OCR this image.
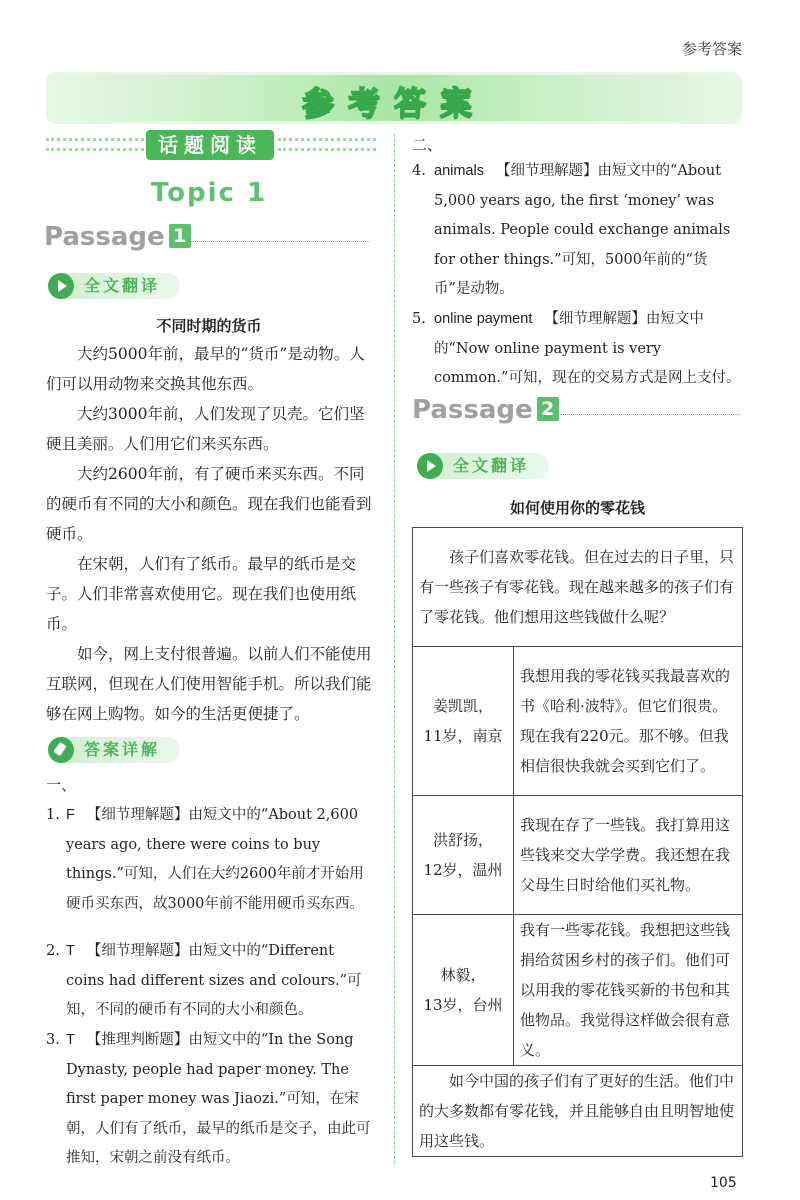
参考答案
参考答案
话题阅读
Topic 1
Passage 1
全文翻译
不同时期的货币

大约5000年前，最早的“货币”是动物。人们可以用动物来交换其他东西。

大约3000年前，人们发现了贝壳。它们坚硬且美丽。人们用它们来买东西。

大约2600年前，有了硬币来买东西。不同的硬币有不同的大小和颜色。现在我们也能看到硬币。

在宋朝，人们有了纸币。最早的纸币是交子。人们非常喜欢使用它。现在我们也使用纸币。

如今，网上支付很普遍。以前人们不能使用互联网，但现在人们使用智能手机。所以我们能够在网上购物。如今的生活更便捷了。

答案详解
一、
1. F 【细节理解题】由短文中的“About 2,600 years ago, there were coins to buy things.”可知，人们在大约2600年前才开始用硬币买东西，故3000年前不能用硬币买东西。
2. T 【细节理解题】由短文中的“Different coins had different sizes and colours.”可知，不同的硬币有不同的大小和颜色。
3. T 【推理判断题】由短文中的“In the Song Dynasty, people had paper money. The first paper money was Jiaozi.”可知，在宋朝，人们有了纸币，最早的纸币是交子，由此可推知，宋朝之前没有纸币。
二、
4. animals 【细节理解题】由短文中的“About 5,000 years ago, the first ‘money’ was animals. People could exchange animals for other things.”可知，5000年前的“货币”是动物。
5. online payment 【细节理解题】由短文中的“Now online payment is very common.”可知，现在的交易方式是网上支付。
Passage 2
全文翻译
如何使用你的零花钱
孩子们喜欢零花钱。但在过去的日子里，只有一些孩子有零花钱。现在越来越多的孩子们有了零花钱。他们想用这些钱做什么呢？	

姜凯凯，
11岁，南京	我想用我的零花钱买我最喜欢的书《哈利·波特》。但它们很贵。现在我有220元。那不够。但我相信很快我就会买到它们了。

洪舒扬，
12岁，温州	我现在存了一些钱。我打算用这些钱来交大学学费。我还想在我父母生日时给他们买礼物。

林毅，
13岁，台州	我有一些零花钱。我想把这些钱捐给贫困乡村的孩子们。他们可以用我的零花钱买新的书包和其他物品。我觉得这样做会很有意义。
如今中国的孩子们有了更好的生活。他们中的大多数都有零花钱，并且能够自由且明智地使用这些钱。	
105
